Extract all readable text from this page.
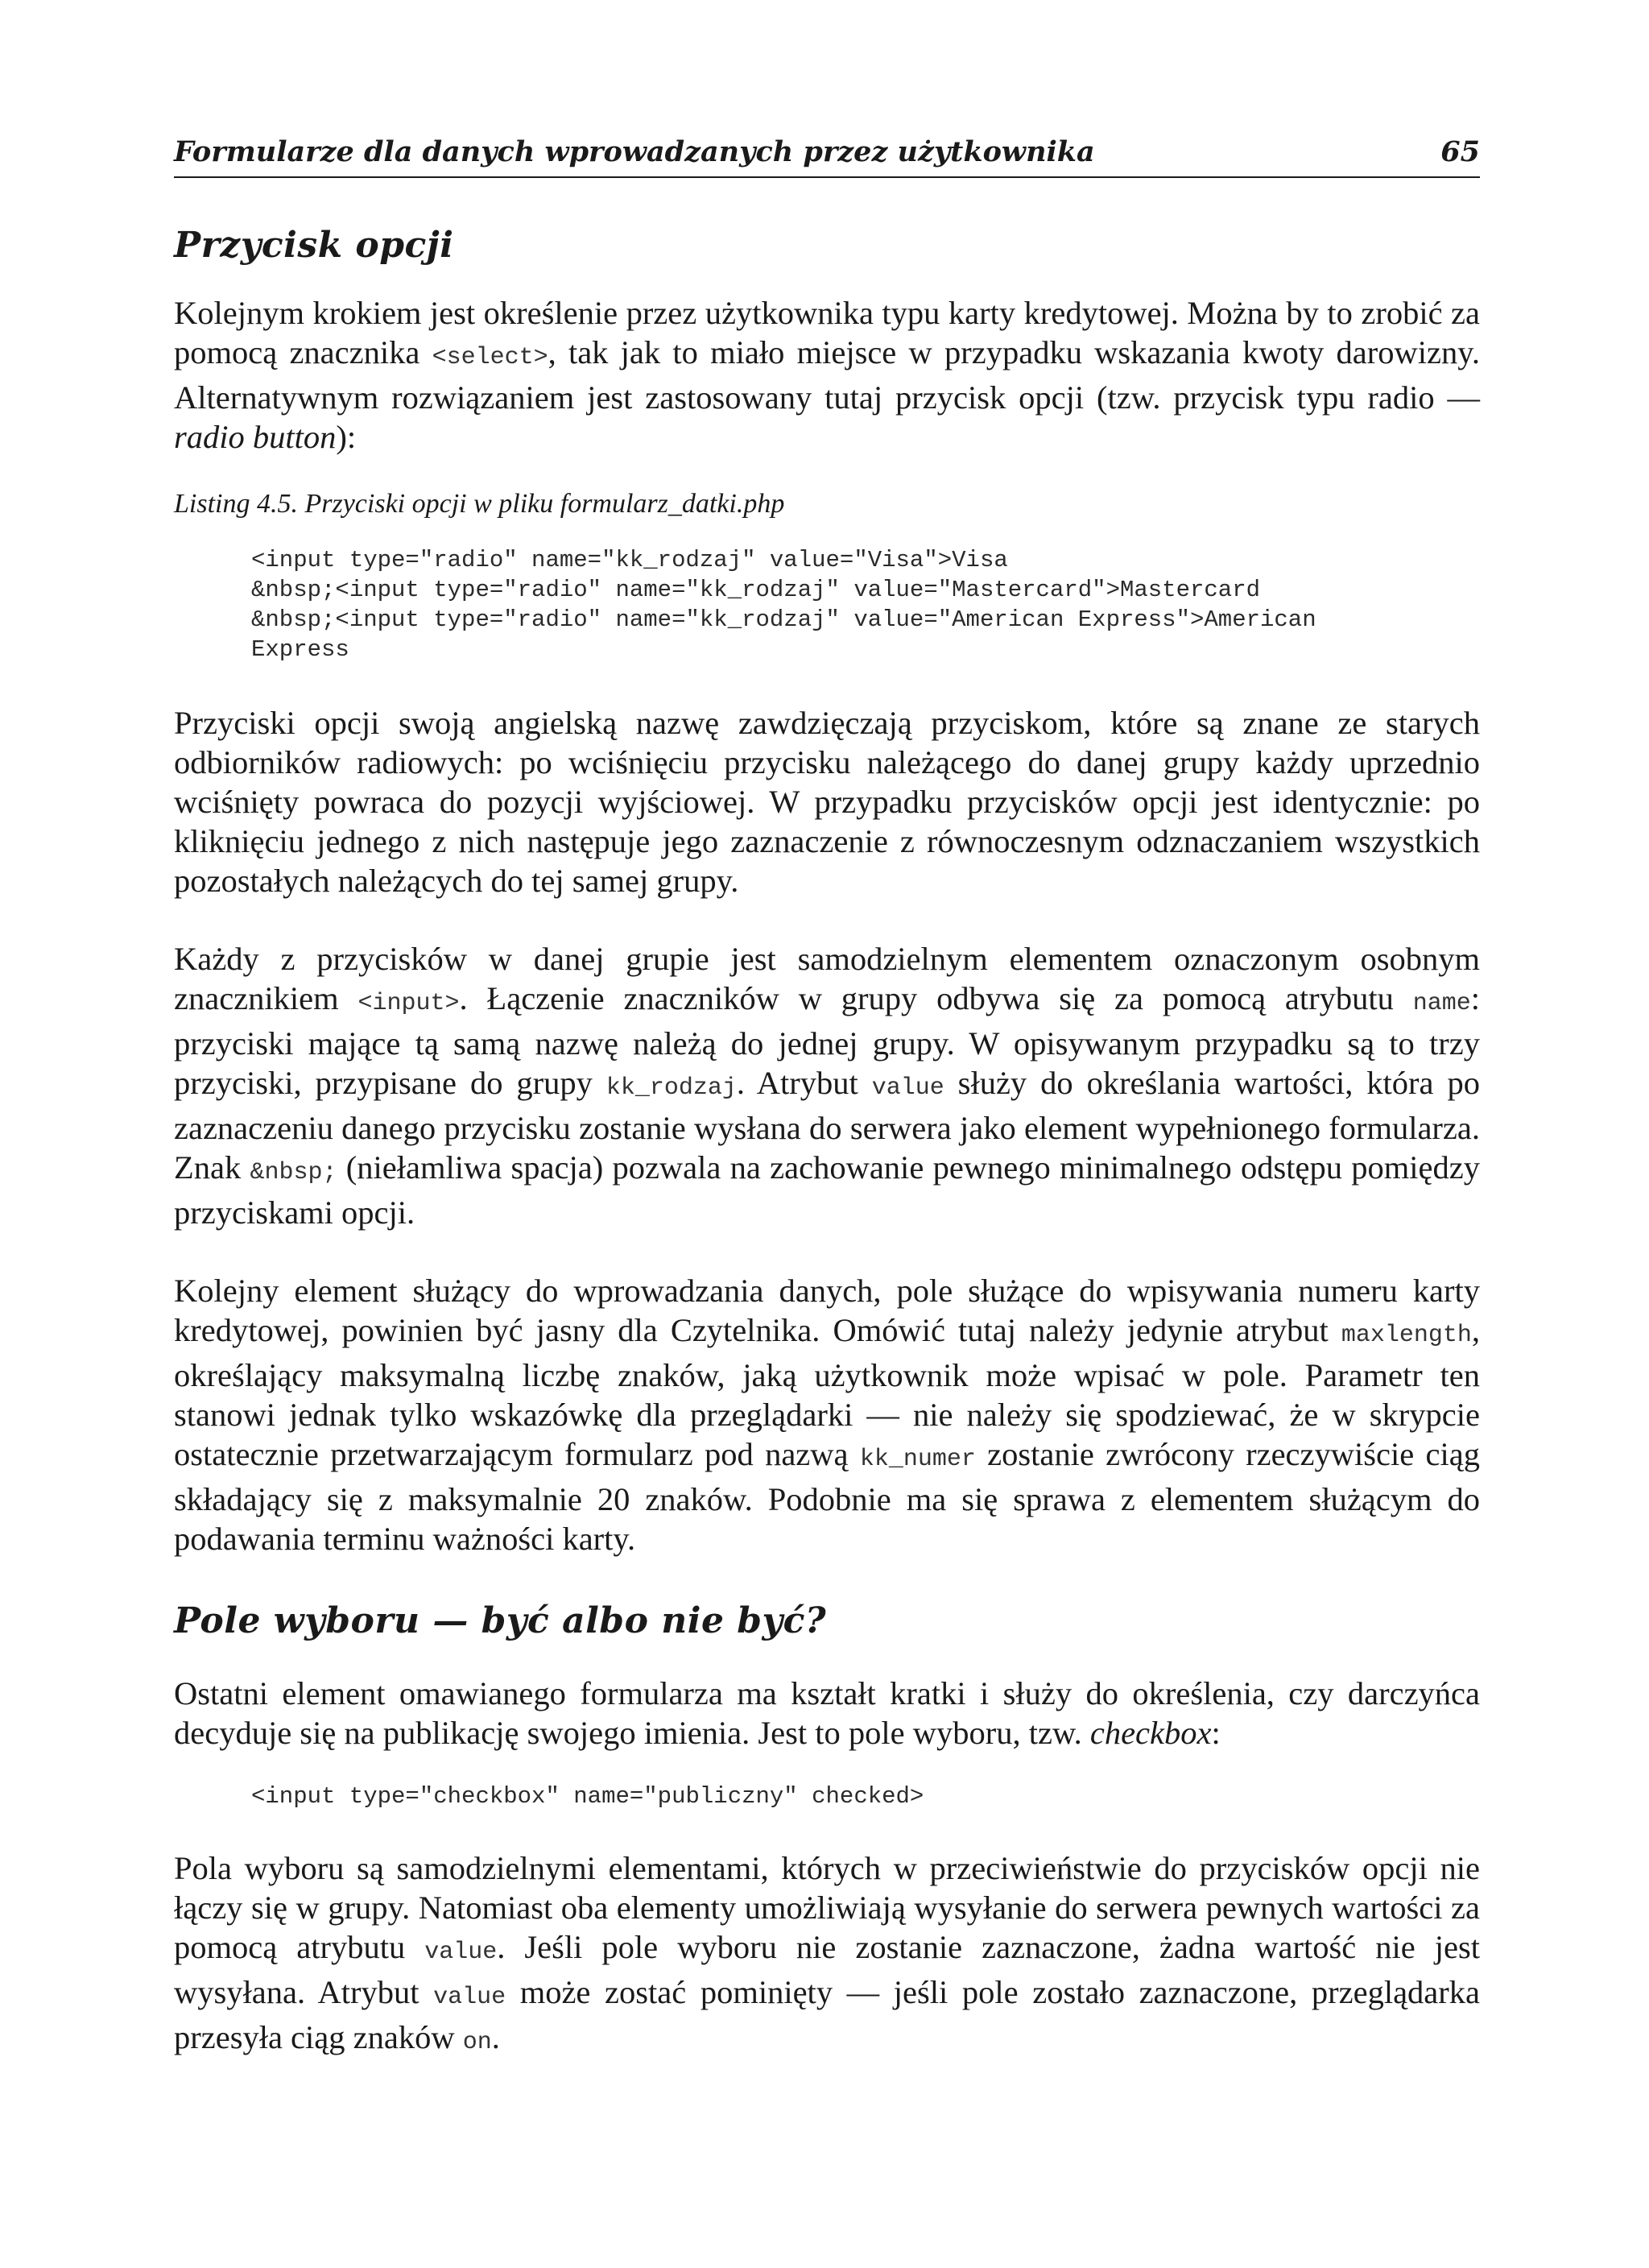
Formularze dla danych wprowadzanych przez użytkownika	65
Przycisk opcji

Kolejnym krokiem jest określenie przez użytkownika typu karty kredytowej. Można by to zrobić za pomocą znacznika <select>, tak jak to miało miejsce w przypadku wskazania kwoty darowizny. Alternatywnym rozwiązaniem jest zastosowany tutaj przycisk opcji (tzw. przycisk typu radio — radio button):

Listing 4.5. Przyciski opcji w pliku formularz_datki.php
<input type="radio" name="kk_rodzaj" value="Visa">Visa
&nbsp;<input type="radio" name="kk_rodzaj" value="Mastercard">Mastercard
&nbsp;<input type="radio" name="kk_rodzaj" value="American Express">American
Express

Przyciski opcji swoją angielską nazwę zawdzięczają przyciskom, które są znane ze starych odbiorników radiowych: po wciśnięciu przycisku należącego do danej grupy każdy uprzednio wciśnięty powraca do pozycji wyjściowej. W przypadku przycisków opcji jest identycznie: po kliknięciu jednego z nich następuje jego zaznaczenie z równoczesnym odznaczaniem wszystkich pozostałych należących do tej samej grupy.

Każdy z przycisków w danej grupie jest samodzielnym elementem oznaczonym osobnym znacznikiem <input>. Łączenie znaczników w grupy odbywa się za pomocą atrybutu name: przyciski mające tą samą nazwę należą do jednej grupy. W opisywanym przypadku są to trzy przyciski, przypisane do grupy kk_rodzaj. Atrybut value służy do określania wartości, która po zaznaczeniu danego przycisku zostanie wysłana do serwera jako element wypełnionego formularza. Znak &nbsp; (niełamliwa spacja) pozwala na zachowanie pewnego minimalnego odstępu pomiędzy przyciskami opcji.

Kolejny element służący do wprowadzania danych, pole służące do wpisywania numeru karty kredytowej, powinien być jasny dla Czytelnika. Omówić tutaj należy jedynie atrybut maxlength, określający maksymalną liczbę znaków, jaką użytkownik może wpisać w pole. Parametr ten stanowi jednak tylko wskazówkę dla przeglądarki — nie należy się spodziewać, że w skrypcie ostatecznie przetwarzającym formularz pod nazwą kk_numer zostanie zwrócony rzeczywiście ciąg składający się z maksymalnie 20 znaków. Podobnie ma się sprawa z elementem służącym do podawania terminu ważności karty.

Pole wyboru — być albo nie być?

Ostatni element omawianego formularza ma kształt kratki i służy do określenia, czy darczyńca decyduje się na publikację swojego imienia. Jest to pole wyboru, tzw. checkbox:

<input type="checkbox" name="publiczny" checked>

Pola wyboru są samodzielnymi elementami, których w przeciwieństwie do przycisków opcji nie łączy się w grupy. Natomiast oba elementy umożliwiają wysyłanie do serwera pewnych wartości za pomocą atrybutu value. Jeśli pole wyboru nie zostanie zaznaczone, żadna wartość nie jest wysyłana. Atrybut value może zostać pominięty — jeśli pole zostało zaznaczone, przeglądarka przesyła ciąg znaków on.
